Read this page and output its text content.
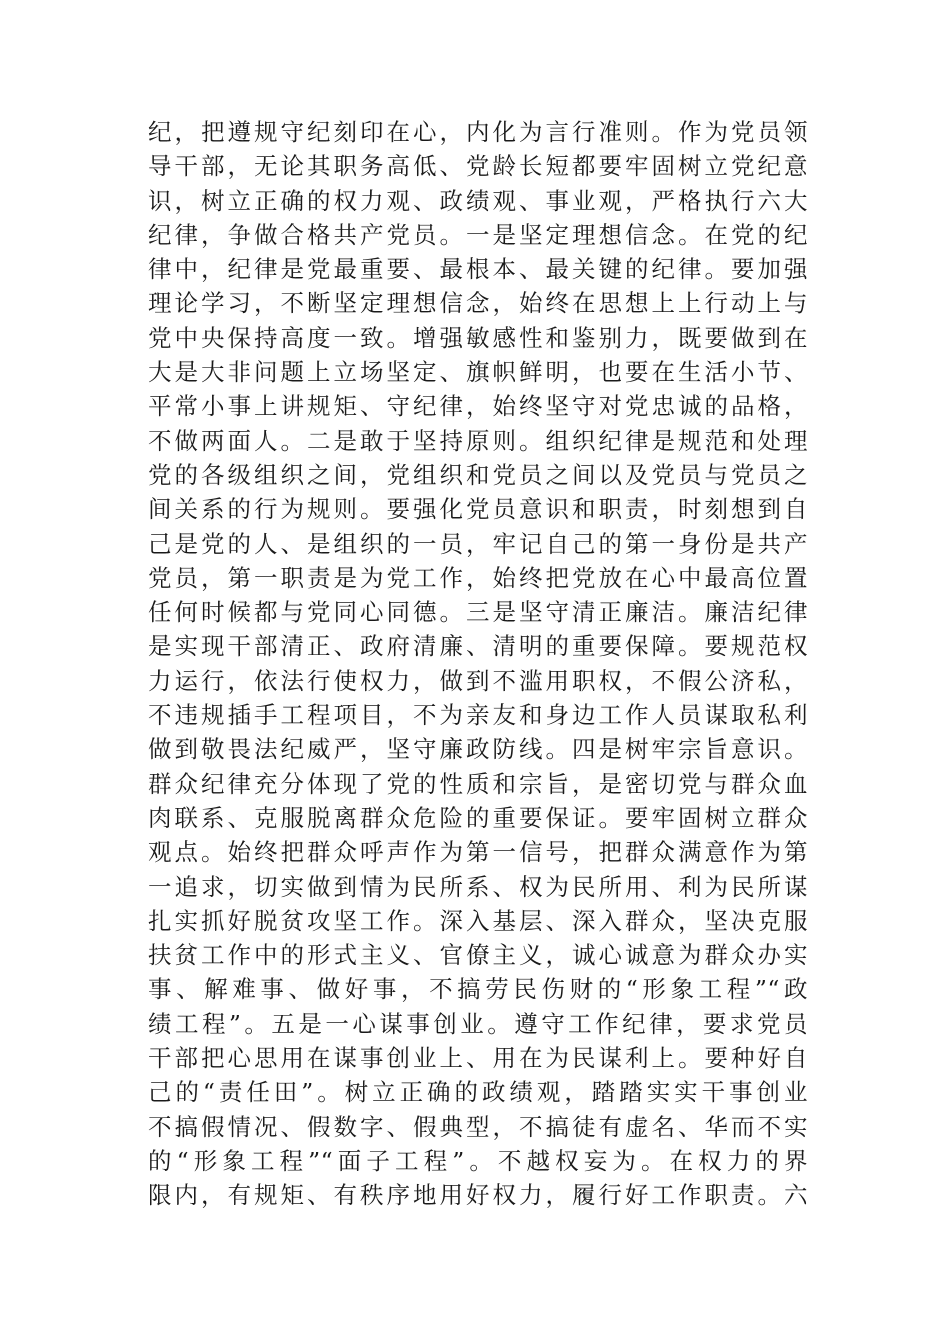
纪，把遵规守纪刻印在心，内化为言行准则。作为党员领
导干部，无论其职务高低、党龄长短都要牢固树立党纪意
识，树立正确的权力观、政绩观、事业观，严格执行六大
纪律，争做合格共产党员。一是坚定理想信念。在党的纪
律中，纪律是党最重要、最根本、最关键的纪律。要加强
理论学习，不断坚定理想信念，始终在思想上上行动上与
党中央保持高度一致。增强敏感性和鉴别力，既要做到在
大是大非问题上立场坚定、旗帜鲜明，也要在生活小节、
平常小事上讲规矩、守纪律，始终坚守对党忠诚的品格，
不做两面人。二是敢于坚持原则。组织纪律是规范和处理
党的各级组织之间，党组织和党员之间以及党员与党员之
间关系的行为规则。要强化党员意识和职责，时刻想到自
己是党的人、是组织的一员，牢记自己的第一身份是共产
党员，第一职责是为党工作，始终把党放在心中最高位置
任何时候都与党同心同德。三是坚守清正廉洁。廉洁纪律
是实现干部清正、政府清廉、清明的重要保障。要规范权
力运行，依法行使权力，做到不滥用职权，不假公济私，
不违规插手工程项目，不为亲友和身边工作人员谋取私利
做到敬畏法纪威严，坚守廉政防线。四是树牢宗旨意识。
群众纪律充分体现了党的性质和宗旨，是密切党与群众血
肉联系、克服脱离群众危险的重要保证。要牢固树立群众
观点。始终把群众呼声作为第一信号，把群众满意作为第
一追求，切实做到情为民所系、权为民所用、利为民所谋
扎实抓好脱贫攻坚工作。深入基层、深入群众，坚决克服
扶贫工作中的形式主义、官僚主义，诚心诚意为群众办实
事、解难事、做好事，不搞劳民伤财的“形象工程”“政
绩工程”。五是一心谋事创业。遵守工作纪律，要求党员
干部把心思用在谋事创业上、用在为民谋利上。要种好自
己的“责任田”。树立正确的政绩观，踏踏实实干事创业
不搞假情况、假数字、假典型，不搞徒有虚名、华而不实
的“形象工程”“面子工程”。不越权妄为。在权力的界
限内，有规矩、有秩序地用好权力，履行好工作职责。六
